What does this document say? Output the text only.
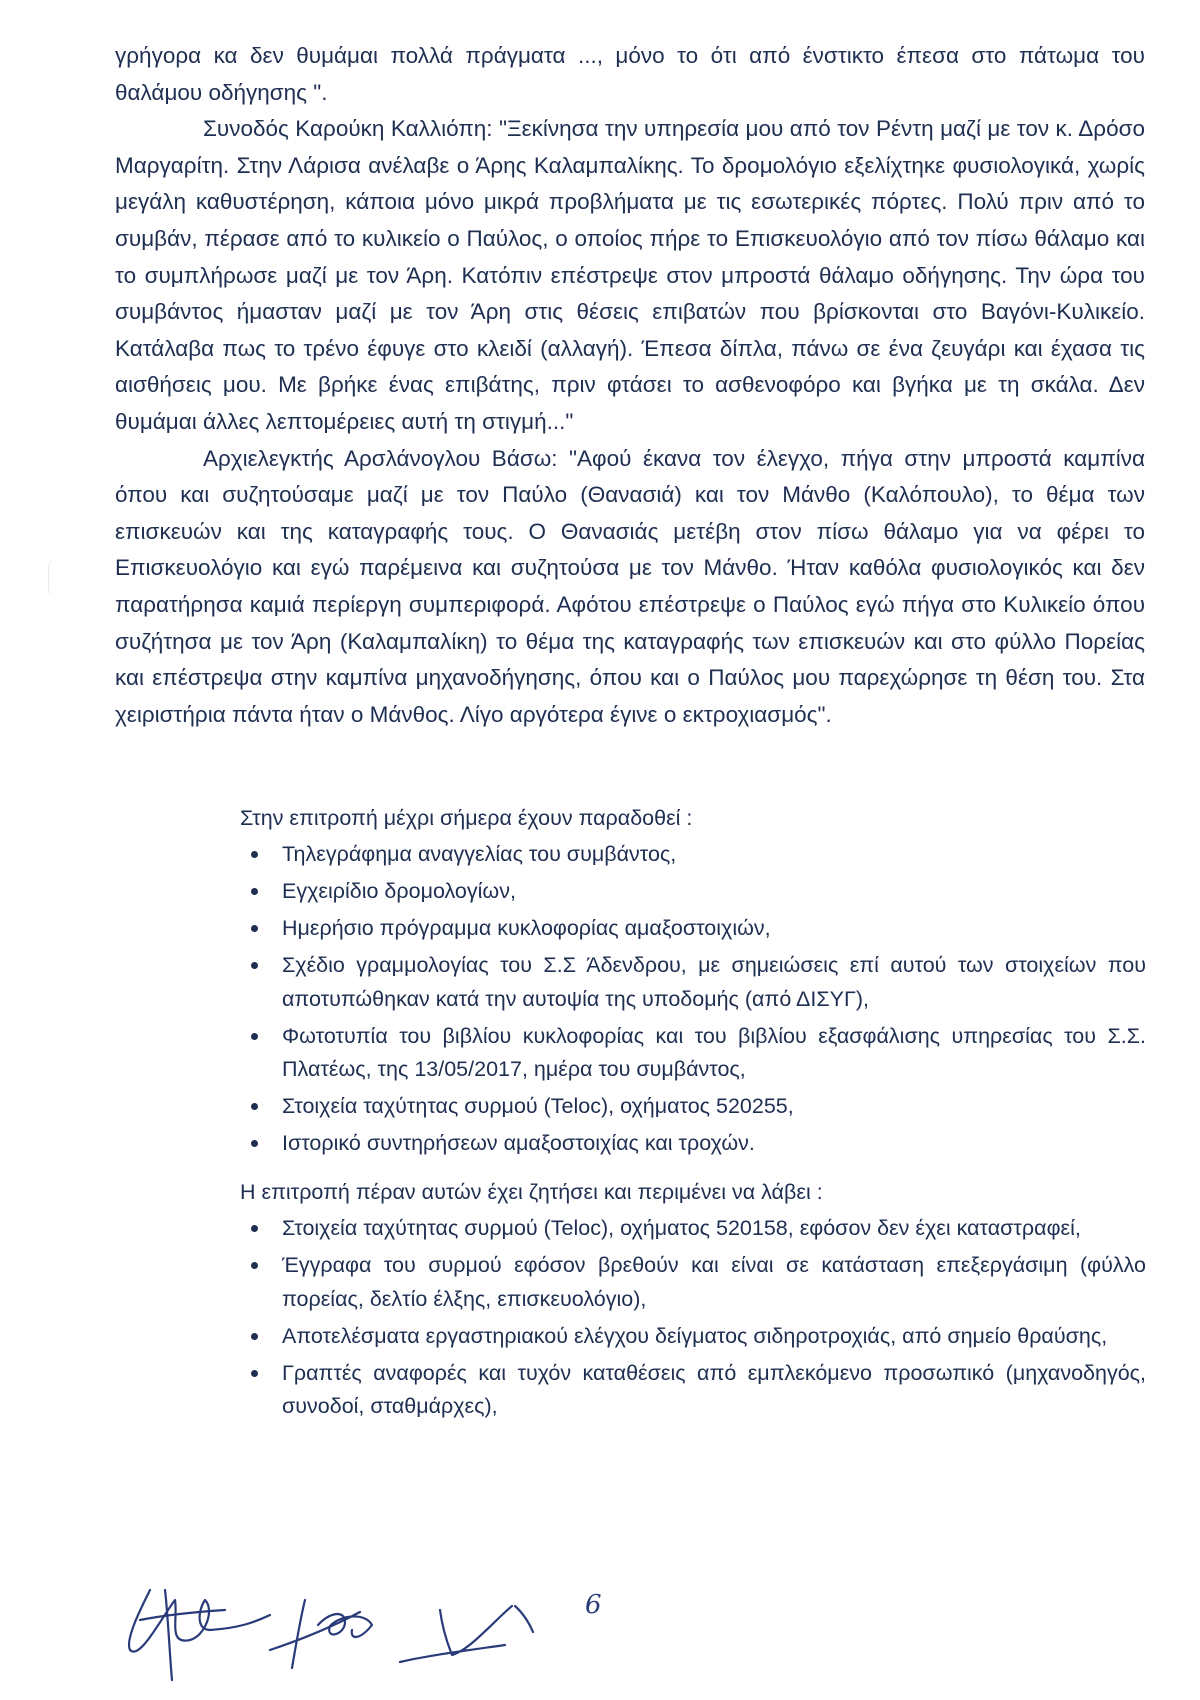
γρήγορα κα δεν θυμάμαι πολλά πράγματα ..., μόνο το ότι από ένστικτο έπεσα στο πάτωμα του θαλάμου οδήγησης ".

Συνοδός Καρούκη Καλλιόπη: "Ξεκίνησα την υπηρεσία μου από τον Ρέντη μαζί με τον κ. Δρόσο Μαργαρίτη. Στην Λάρισα ανέλαβε ο Άρης Καλαμπαλίκης. Το δρομολόγιο εξελίχτηκε φυσιολογικά, χωρίς μεγάλη καθυστέρηση, κάποια μόνο μικρά προβλήματα με τις εσωτερικές πόρτες. Πολύ πριν από το συμβάν, πέρασε από το κυλικείο ο Παύλος, ο οποίος πήρε το Επισκευολόγιο από τον πίσω θάλαμο και το συμπλήρωσε μαζί με τον Άρη. Κατόπιν επέστρεψε στον μπροστά θάλαμο οδήγησης. Την ώρα του συμβάντος ήμασταν μαζί με τον Άρη στις θέσεις επιβατών που βρίσκονται στο Βαγόνι-Κυλικείο. Κατάλαβα πως το τρένο έφυγε στο κλειδί (αλλαγή). Έπεσα δίπλα, πάνω σε ένα ζευγάρι και έχασα τις αισθήσεις μου. Με βρήκε ένας επιβάτης, πριν φτάσει το ασθενοφόρο και βγήκα με τη σκάλα. Δεν θυμάμαι άλλες λεπτομέρειες αυτή τη στιγμή..."

Αρχιελεγκτής Αρσλάνογλου Βάσω: "Αφού έκανα τον έλεγχο, πήγα στην μπροστά καμπίνα όπου και συζητούσαμε μαζί με τον Παύλο (Θανασιά) και τον Μάνθο (Καλόπουλο), το θέμα των επισκευών και της καταγραφής τους. Ο Θανασιάς μετέβη στον πίσω θάλαμο για να φέρει το Επισκευολόγιο και εγώ παρέμεινα και συζητούσα με τον Μάνθο. Ήταν καθόλα φυσιολογικός και δεν παρατήρησα καμιά περίεργη συμπεριφορά. Αφότου επέστρεψε ο Παύλος εγώ πήγα στο Κυλικείο όπου συζήτησα με τον Άρη (Καλαμπαλίκη) το θέμα της καταγραφής των επισκευών και στο φύλλο Πορείας και επέστρεψα στην καμπίνα μηχανοδήγησης, όπου και ο Παύλος μου παρεχώρησε τη θέση του. Στα χειριστήρια πάντα ήταν ο Μάνθος. Λίγο αργότερα έγινε ο εκτροχιασμός".

Στην επιτροπή μέχρι σήμερα έχουν παραδοθεί :
Τηλεγράφημα αναγγελίας του συμβάντος,
Εγχειρίδιο δρομολογίων,
Ημερήσιο πρόγραμμα κυκλοφορίας αμαξοστοιχιών,
Σχέδιο γραμμολογίας του Σ.Σ Άδενδρου, με σημειώσεις επί αυτού των στοιχείων που αποτυπώθηκαν κατά την αυτοψία της υποδομής (από ΔΙΣΥΓ),
Φωτοτυπία του βιβλίου κυκλοφορίας και του βιβλίου εξασφάλισης υπηρεσίας του Σ.Σ. Πλατέως, της 13/05/2017, ημέρα του συμβάντος,
Στοιχεία ταχύτητας συρμού (Teloc), οχήματος 520255,
Ιστορικό συντηρήσεων αμαξοστοιχίας και τροχών.
Η επιτροπή πέραν αυτών έχει ζητήσει και περιμένει να λάβει :
Στοιχεία ταχύτητας συρμού (Teloc), οχήματος 520158, εφόσον δεν έχει καταστραφεί,
Έγγραφα του συρμού εφόσον βρεθούν και είναι σε κατάσταση επεξεργάσιμη (φύλλο πορείας, δελτίο έλξης, επισκευολόγιο),
Αποτελέσματα εργαστηριακού ελέγχου δείγματος σιδηροτροχιάς, από σημείο θραύσης,
Γραπτές αναφορές και τυχόν καταθέσεις από εμπλεκόμενο προσωπικό (μηχανοδηγός, συνοδοί, σταθμάρχες),
6
